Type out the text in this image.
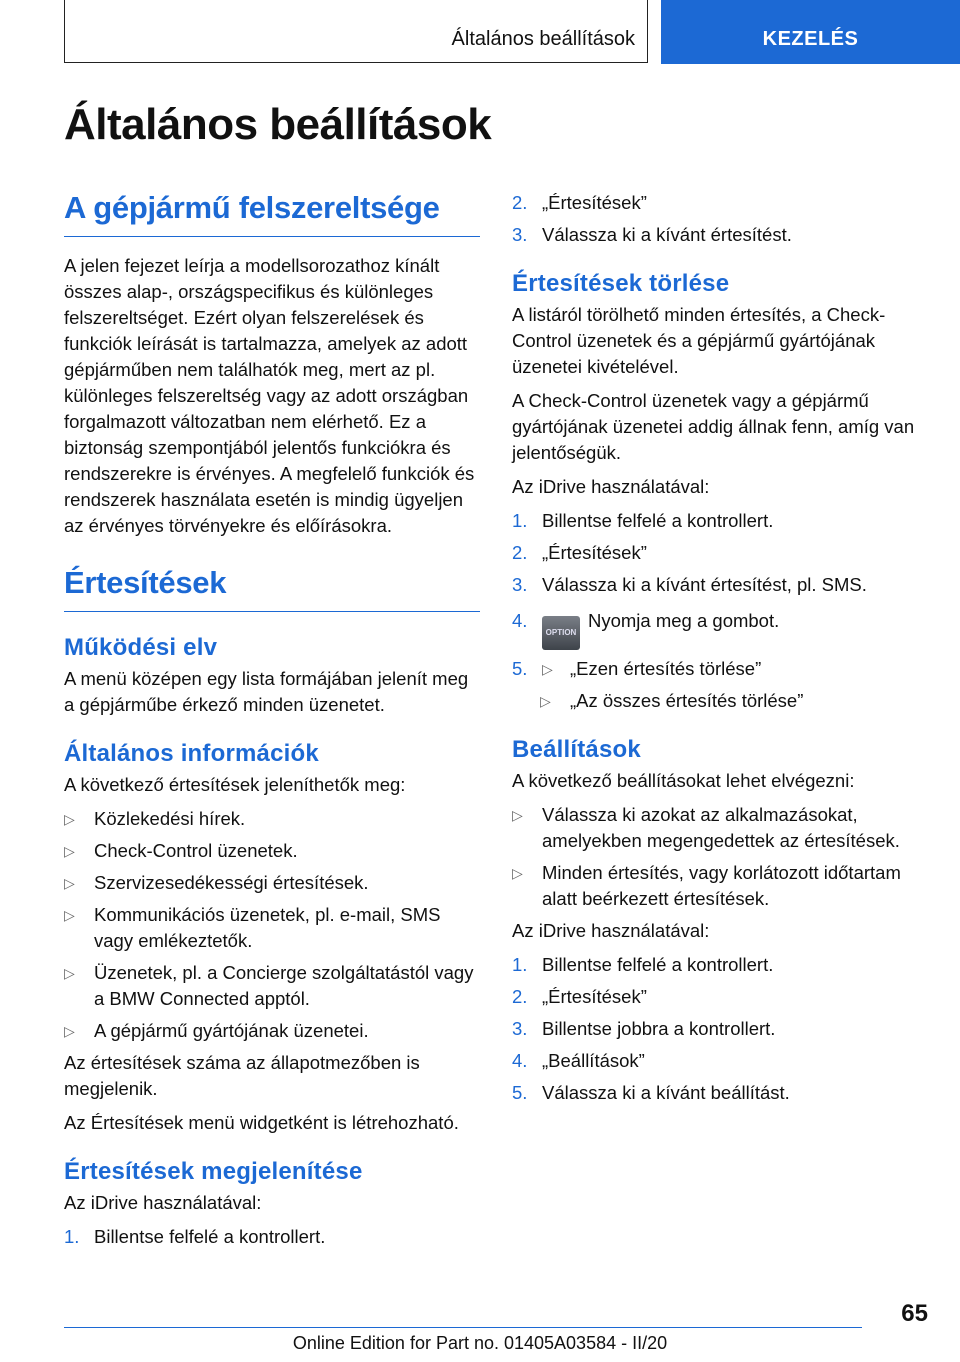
Általános beállítások	KEZELÉS
Általános beállítások
A gépjármű felszereltsége

A jelen fejezet leírja a modellsorozathoz kínált összes alap-, országspecifikus és különleges felszereltséget. Ezért olyan felszerelések és funkciók leírását is tartalmazza, amelyek az adott gépjárműben nem találhatók meg, mert az pl. különleges felszereltség vagy az adott országban forgalmazott változatban nem elérhető. Ez a biztonság szempontjából jelentős funkciókra és rendszerekre is érvényes. A megfelelő funkciók és rendszerek használata esetén is mindig ügyeljen az érvényes törvényekre és előírásokra.

Értesítések
Működési elv

A menü középen egy lista formájában jelenít meg a gépjárműbe érkező minden üzenetet.

Általános információk

A következő értesítések jeleníthetők meg:

▷ Közlekedési hírek.
▷ Check-Control üzenetek.
▷ Szervizesedékességi értesítések.
▷ Kommunikációs üzenetek, pl. e-mail, SMS vagy emlékeztetők.
▷ Üzenetek, pl. a Concierge szolgáltatástól vagy a BMW Connected apptól.
▷ A gépjármű gyártójának üzenetei.

Az értesítések száma az állapotmezőben is megjelenik.

Az Értesítések menü widgetként is létrehozható.

Értesítések megjelenítése

Az iDrive használatával:

1. Billentse felfelé a kontrollert.
2. „Értesítések”
3. Válassza ki a kívánt értesítést.
Értesítések törlése

A listáról törölhető minden értesítés, a Check-Control üzenetek és a gépjármű gyártójának üzenetei kivételével.

A Check-Control üzenetek vagy a gépjármű gyártójának üzenetei addig állnak fenn, amíg van jelentőségük.

Az iDrive használatával:

1. Billentse felfelé a kontrollert.
2. „Értesítések”
3. Válassza ki a kívánt értesítést, pl. SMS.
4.
OPTIONNyomja meg a gombot.
5. ▷ „Ezen értesítés törlése”
▷ „Az összes értesítés törlése”
Beállítások

A következő beállításokat lehet elvégezni:

▷ Válassza ki azokat az alkalmazásokat, amelyekben megengedettek az értesítések.
▷ Minden értesítés, vagy korlátozott időtartam alatt beérkezett értesítések.

Az iDrive használatával:

1. Billentse felfelé a kontrollert.
2. „Értesítések”
3. Billentse jobbra a kontrollert.
4. „Beállítások”
5. Válassza ki a kívánt beállítást.
65
Online Edition for Part no. 01405A03584 - II/20
